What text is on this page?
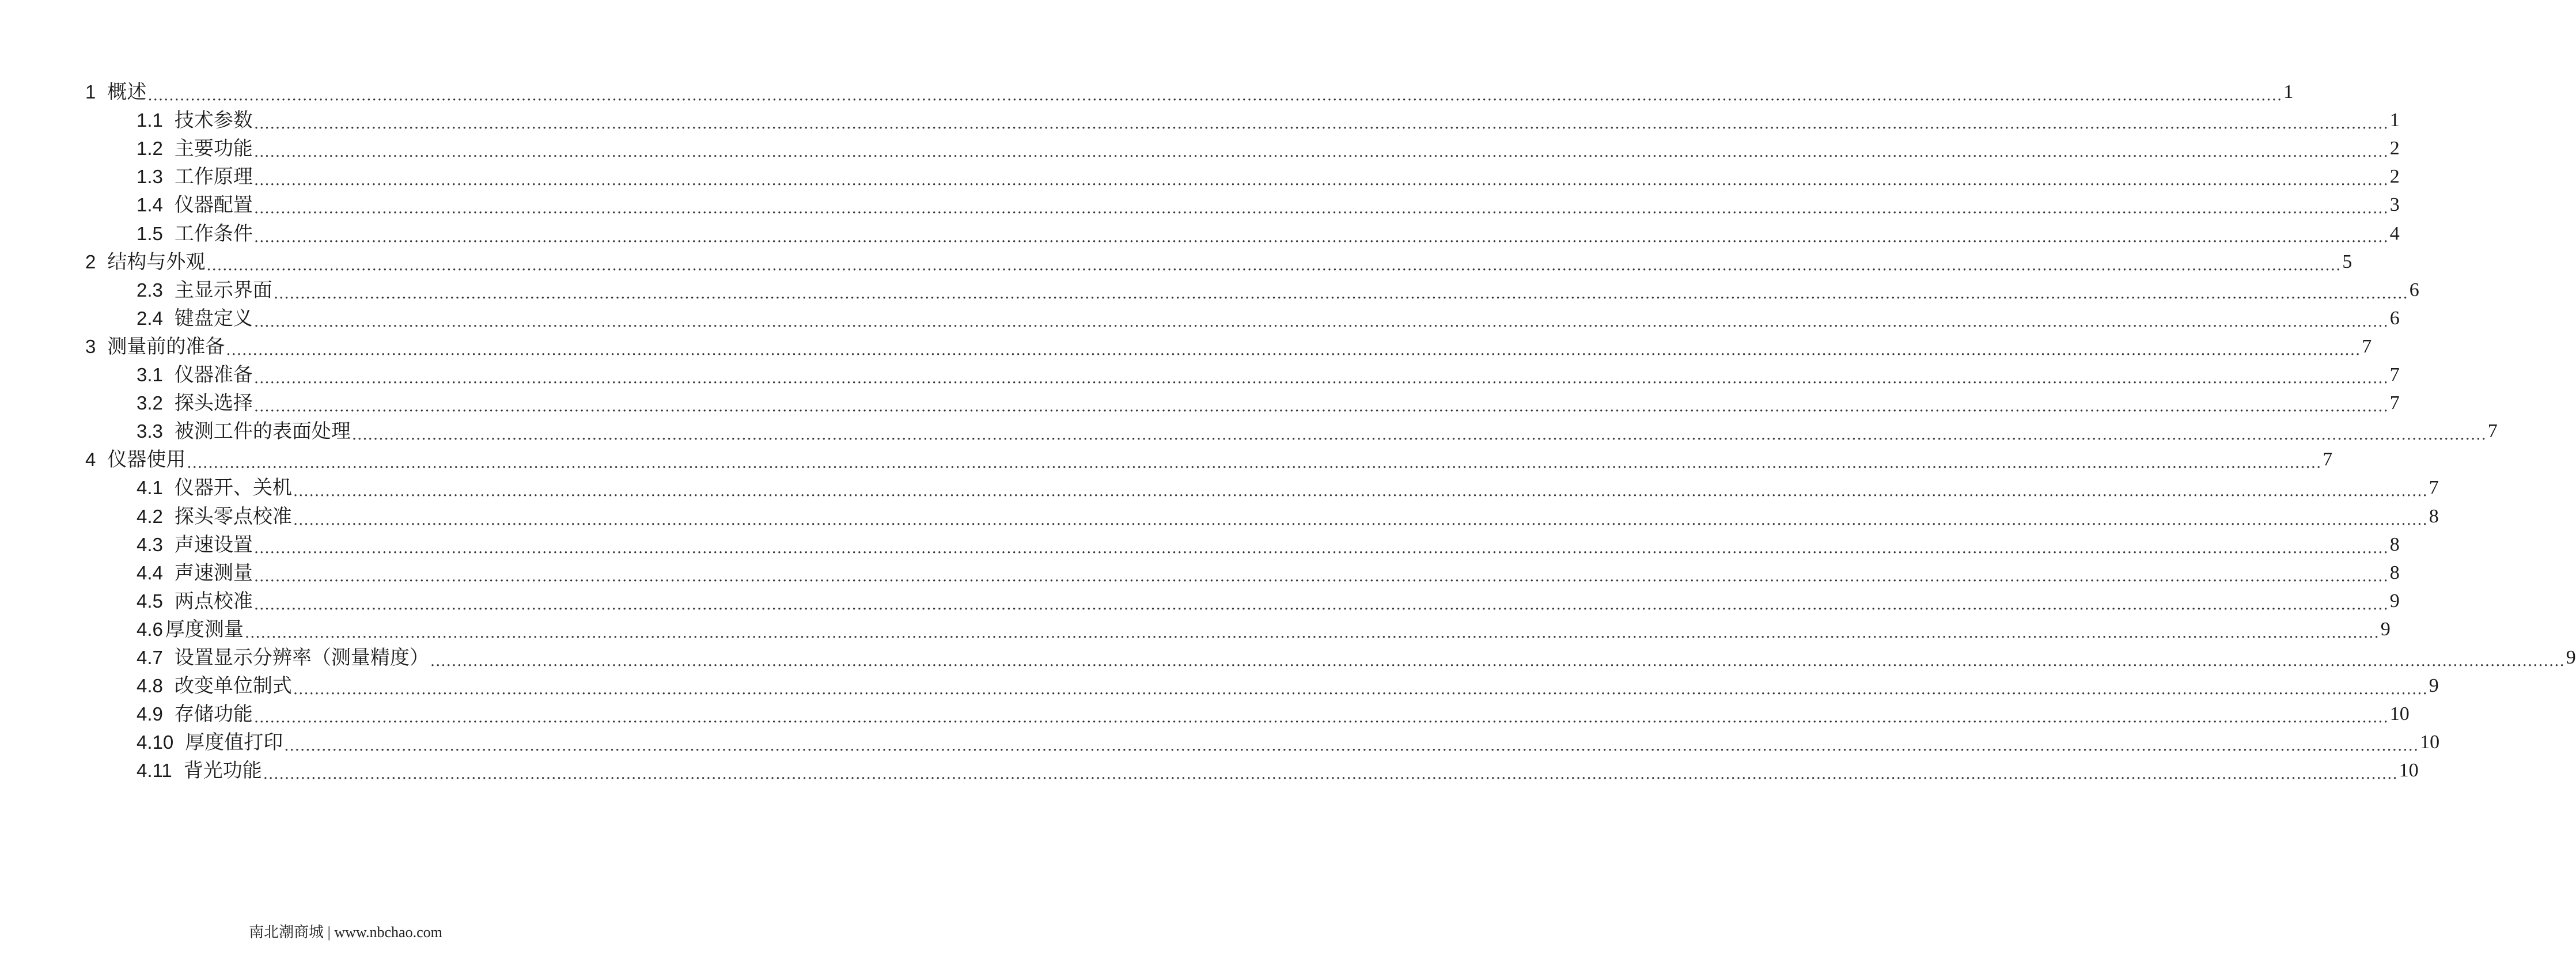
1 概述 ................................................................................................................................................................................................................................................................................................................................................................................................................ 1
1.1 技术参数 ................................................................................................................................................................................................................................................................................................................................................................................................................ 1
1.2 主要功能 ................................................................................................................................................................................................................................................................................................................................................................................................................ 2
1.3 工作原理 ................................................................................................................................................................................................................................................................................................................................................................................................................ 2
1.4 仪器配置 ................................................................................................................................................................................................................................................................................................................................................................................................................ 3
1.5 工作条件 ................................................................................................................................................................................................................................................................................................................................................................................................................ 4
2 结构与外观 ................................................................................................................................................................................................................................................................................................................................................................................................................ 5
2.3 主显示界面 ................................................................................................................................................................................................................................................................................................................................................................................................................ 6
2.4 键盘定义 ................................................................................................................................................................................................................................................................................................................................................................................................................ 6
3 测量前的准备 ................................................................................................................................................................................................................................................................................................................................................................................................................ 7
3.1 仪器准备 ................................................................................................................................................................................................................................................................................................................................................................................................................ 7
3.2 探头选择 ................................................................................................................................................................................................................................................................................................................................................................................................................ 7
3.3 被测工件的表面处理 ................................................................................................................................................................................................................................................................................................................................................................................................................ 7
4 仪器使用 ................................................................................................................................................................................................................................................................................................................................................................................................................ 7
4.1 仪器开、关机 ................................................................................................................................................................................................................................................................................................................................................................................................................ 7
4.2 探头零点校准 ................................................................................................................................................................................................................................................................................................................................................................................................................ 8
4.3 声速设置 ................................................................................................................................................................................................................................................................................................................................................................................................................ 8
4.4 声速测量 ................................................................................................................................................................................................................................................................................................................................................................................................................ 8
4.5 两点校准 ................................................................................................................................................................................................................................................................................................................................................................................................................ 9
4.6 厚度测量 ................................................................................................................................................................................................................................................................................................................................................................................................................ 9
4.7 设置显示分辨率（测量精度） ................................................................................................................................................................................................................................................................................................................................................................................................................ 9
4.8 改变单位制式 ................................................................................................................................................................................................................................................................................................................................................................................................................ 9
4.9 存储功能 ................................................................................................................................................................................................................................................................................................................................................................................................................ 10
4.10 厚度值打印 ................................................................................................................................................................................................................................................................................................................................................................................................................ 10
4.11 背光功能 ................................................................................................................................................................................................................................................................................................................................................................................................................ 10
南北潮商城 | www.nbchao.com
